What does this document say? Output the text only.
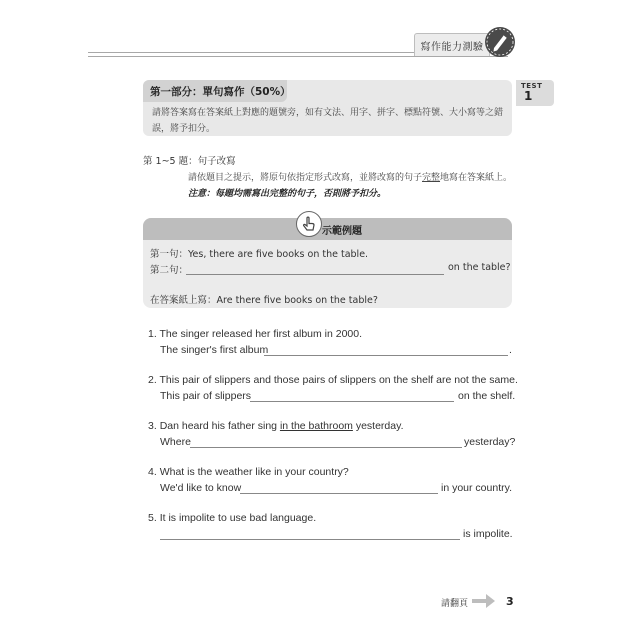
寫作能力測驗
第一部分：單句寫作（50%）
請將答案寫在答案紙上對應的題號旁，如有文法、用字、拼字、標點符號、大小寫等之錯誤，將予扣分。
TEST
1
第 1~5 題：句子改寫
請依題目之提示，將原句依指定形式改寫，並將改寫的句子完整地寫在答案紙上。
注意：每題均需寫出完整的句子，否則將予扣分。
示範例題
第一句：Yes, there are five books on the table.
第二句：	on the table?
在答案紙上寫：Are there five books on the table?
1. The singer released her first album in 2000.
The singer's first album	.
2. This pair of slippers and those pairs of slippers on the shelf are not the same.
This pair of slippers	on the shelf.
3. Dan heard his father sing in the bathroom yesterday.
Where	yesterday?
4. What is the weather like in your country?
We'd like to know	in your country.
5. It is impolite to use bad language.
is impolite.
請翻頁	3
